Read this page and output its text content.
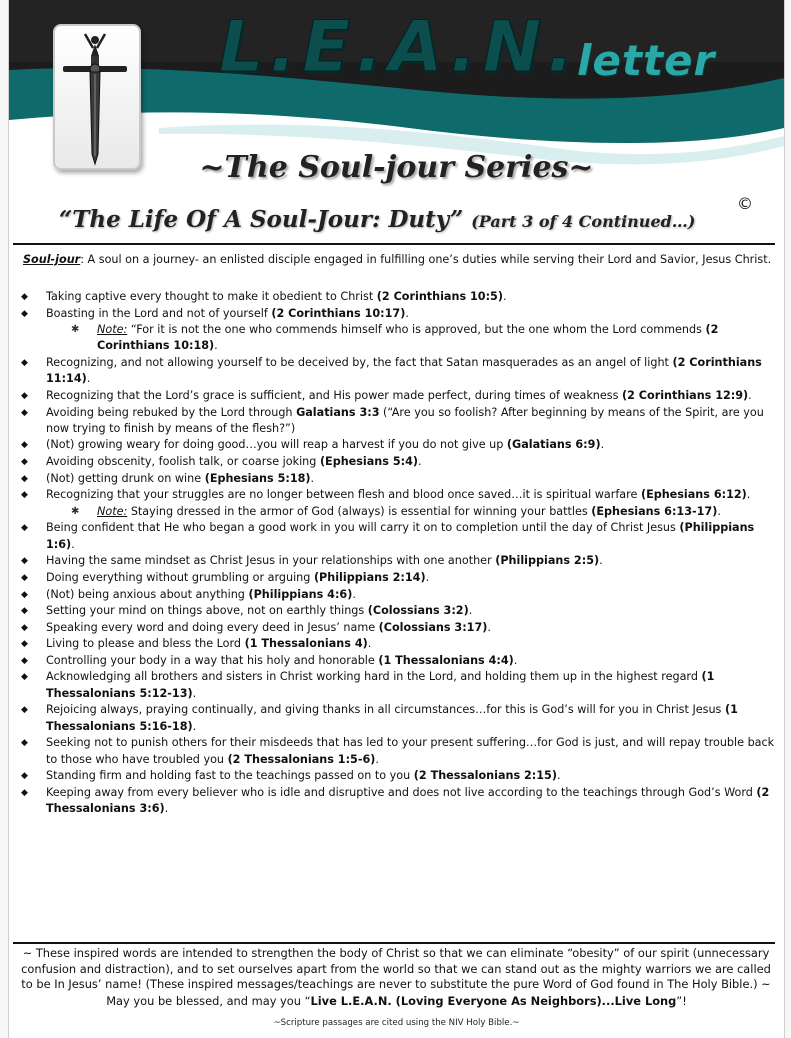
L.E.A.N.
letter
~The Soul-jour Series~
“The Life Of A Soul-Jour: Duty” (Part 3 of 4 Continued…)
©
Soul-jour: A soul on a journey- an enlisted disciple engaged in fulfilling one’s duties while serving their Lord and Savior, Jesus Christ.
◆ Taking captive every thought to make it obedient to Christ (2 Corinthians 10:5).
◆ Boasting in the Lord and not of yourself (2 Corinthians 10:17).
✱ Note: “For it is not the one who commends himself who is approved, but the one whom the Lord commends (2 Corinthians 10:18).
◆ Recognizing, and not allowing yourself to be deceived by, the fact that Satan masquerades as an angel of light (2 Corinthians 11:14).
◆ Recognizing that the Lord’s grace is sufficient, and His power made perfect, during times of weakness (2 Corinthians 12:9).
◆ Avoiding being rebuked by the Lord through Galatians 3:3 (“Are you so foolish? After beginning by means of the Spirit, are you now trying to finish by means of the flesh?”)
◆ (Not) growing weary for doing good…you will reap a harvest if you do not give up (Galatians 6:9).
◆ Avoiding obscenity, foolish talk, or coarse joking (Ephesians 5:4).
◆ (Not) getting drunk on wine (Ephesians 5:18).
◆ Recognizing that your struggles are no longer between flesh and blood once saved…it is spiritual warfare (Ephesians 6:12).
✱ Note: Staying dressed in the armor of God (always) is essential for winning your battles (Ephesians 6:13-17).
◆ Being confident that He who began a good work in you will carry it on to completion until the day of Christ Jesus (Philippians 1:6).
◆ Having the same mindset as Christ Jesus in your relationships with one another (Philippians 2:5).
◆ Doing everything without grumbling or arguing (Philippians 2:14).
◆ (Not) being anxious about anything (Philippians 4:6).
◆ Setting your mind on things above, not on earthly things (Colossians 3:2).
◆ Speaking every word and doing every deed in Jesus’ name (Colossians 3:17).
◆ Living to please and bless the Lord (1 Thessalonians 4).
◆ Controlling your body in a way that his holy and honorable (1 Thessalonians 4:4).
◆ Acknowledging all brothers and sisters in Christ working hard in the Lord, and holding them up in the highest regard (1 Thessalonians 5:12-13).
◆ Rejoicing always, praying continually, and giving thanks in all circumstances…for this is God’s will for you in Christ Jesus (1 Thessalonians 5:16-18).
◆ Seeking not to punish others for their misdeeds that has led to your present suffering…for God is just, and will repay trouble back to those who have troubled you (2 Thessalonians 1:5-6).
◆ Standing firm and holding fast to the teachings passed on to you (2 Thessalonians 2:15).
◆ Keeping away from every believer who is idle and disruptive and does not live according to the teachings through God’s Word (2 Thessalonians 3:6).
~ These inspired words are intended to strengthen the body of Christ so that we can eliminate “obesity” of our spirit (unnecessary confusion and distraction), and to set ourselves apart from the world so that we can stand out as the mighty warriors we are called to be In Jesus’ name! (These inspired messages/teachings are never to substitute the pure Word of God found in The Holy Bible.) ~
May you be blessed, and may you “Live L.E.A.N. (Loving Everyone As Neighbors)...Live Long”!
~Scripture passages are cited using the NIV Holy Bible.~
